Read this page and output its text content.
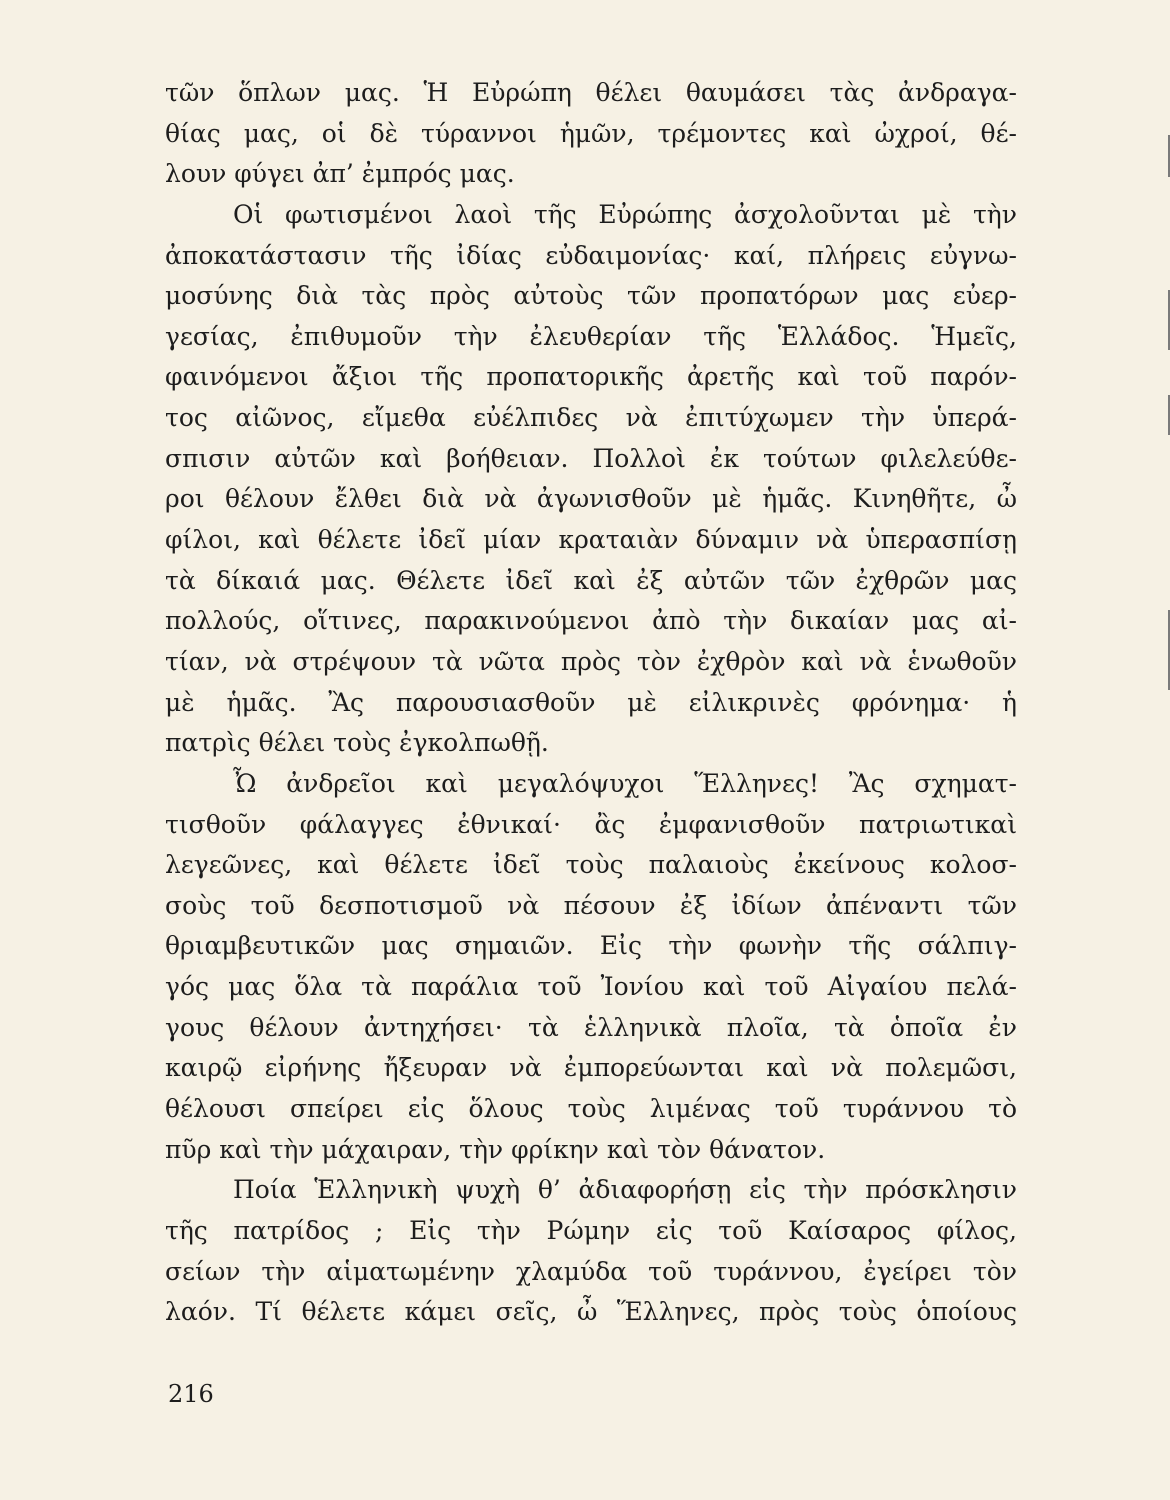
τῶν ὅπλων μας. Ἡ Εὐρώπη θέλει θαυμάσει τὰς ἀνδραγα-
θίας μας, οἱ δὲ τύραννοι ἡμῶν, τρέμοντες καὶ ὠχροί, θέ-
λουν φύγει ἀπ’ ἐμπρός μας.
Οἱ φωτισμένοι λαοὶ τῆς Εὐρώπης ἀσχολοῦνται μὲ τὴν
ἀποκατάστασιν τῆς ἰδίας εὐδαιμονίας· καί, πλήρεις εὐγνω-
μοσύνης διὰ τὰς πρὸς αὐτοὺς τῶν προπατόρων μας εὐερ-
γεσίας, ἐπιθυμοῦν τὴν ἐλευθερίαν τῆς Ἑλλάδος. Ἡμεῖς,
φαινόμενοι ἄξιοι τῆς προπατορικῆς ἀρετῆς καὶ τοῦ παρόν-
τος αἰῶνος, εἴμεθα εὐέλπιδες νὰ ἐπιτύχωμεν τὴν ὑπερά-
σπισιν αὐτῶν καὶ βοήθειαν. Πολλοὶ ἐκ τούτων φιλελεύθε-
ροι θέλουν ἔλθει διὰ νὰ ἀγωνισθοῦν μὲ ἡμᾶς. Κινηθῆτε, ὦ
φίλοι, καὶ θέλετε ἰδεῖ μίαν κραταιὰν δύναμιν νὰ ὑπερασπίσῃ
τὰ δίκαιά μας. Θέλετε ἰδεῖ καὶ ἐξ αὐτῶν τῶν ἐχθρῶν μας
πολλούς, οἵτινες, παρακινούμενοι ἀπὸ τὴν δικαίαν μας αἰ-
τίαν, νὰ στρέψουν τὰ νῶτα πρὸς τὸν ἐχθρὸν καὶ νὰ ἑνωθοῦν
μὲ ἡμᾶς. Ἂς παρουσιασθοῦν μὲ εἰλικρινὲς φρόνημα· ἡ
πατρὶς θέλει τοὺς ἐγκολπωθῇ.
Ὦ ἀνδρεῖοι καὶ μεγαλόψυχοι Ἕλληνες! Ἂς σχηματ-
τισθοῦν φάλαγγες ἐθνικαί· ἂς ἐμφανισθοῦν πατριωτικαὶ
λεγεῶνες, καὶ θέλετε ἰδεῖ τοὺς παλαιοὺς ἐκείνους κολοσ-
σοὺς τοῦ δεσποτισμοῦ νὰ πέσουν ἐξ ἰδίων ἀπέναντι τῶν
θριαμβευτικῶν μας σημαιῶν. Εἰς τὴν φωνὴν τῆς σάλπιγ-
γός μας ὅλα τὰ παράλια τοῦ Ἰονίου καὶ τοῦ Αἰγαίου πελά-
γους θέλουν ἀντηχήσει· τὰ ἑλληνικὰ πλοῖα, τὰ ὁποῖα ἐν
καιρῷ εἰρήνης ἤξευραν νὰ ἐμπορεύωνται καὶ νὰ πολεμῶσι,
θέλουσι σπείρει εἰς ὅλους τοὺς λιμένας τοῦ τυράννου τὸ
πῦρ καὶ τὴν μάχαιραν, τὴν φρίκην καὶ τὸν θάνατον.
Ποία Ἑλληνικὴ ψυχὴ θ’ ἀδιαφορήσῃ εἰς τὴν πρόσκλησιν
τῆς πατρίδος ; Εἰς τὴν Ρώμην εἰς τοῦ Καίσαρος φίλος,
σείων τὴν αἱματωμένην χλαμύδα τοῦ τυράννου, ἐγείρει τὸν
λαόν. Τί θέλετε κάμει σεῖς, ὦ Ἕλληνες, πρὸς τοὺς ὁποίους
216
